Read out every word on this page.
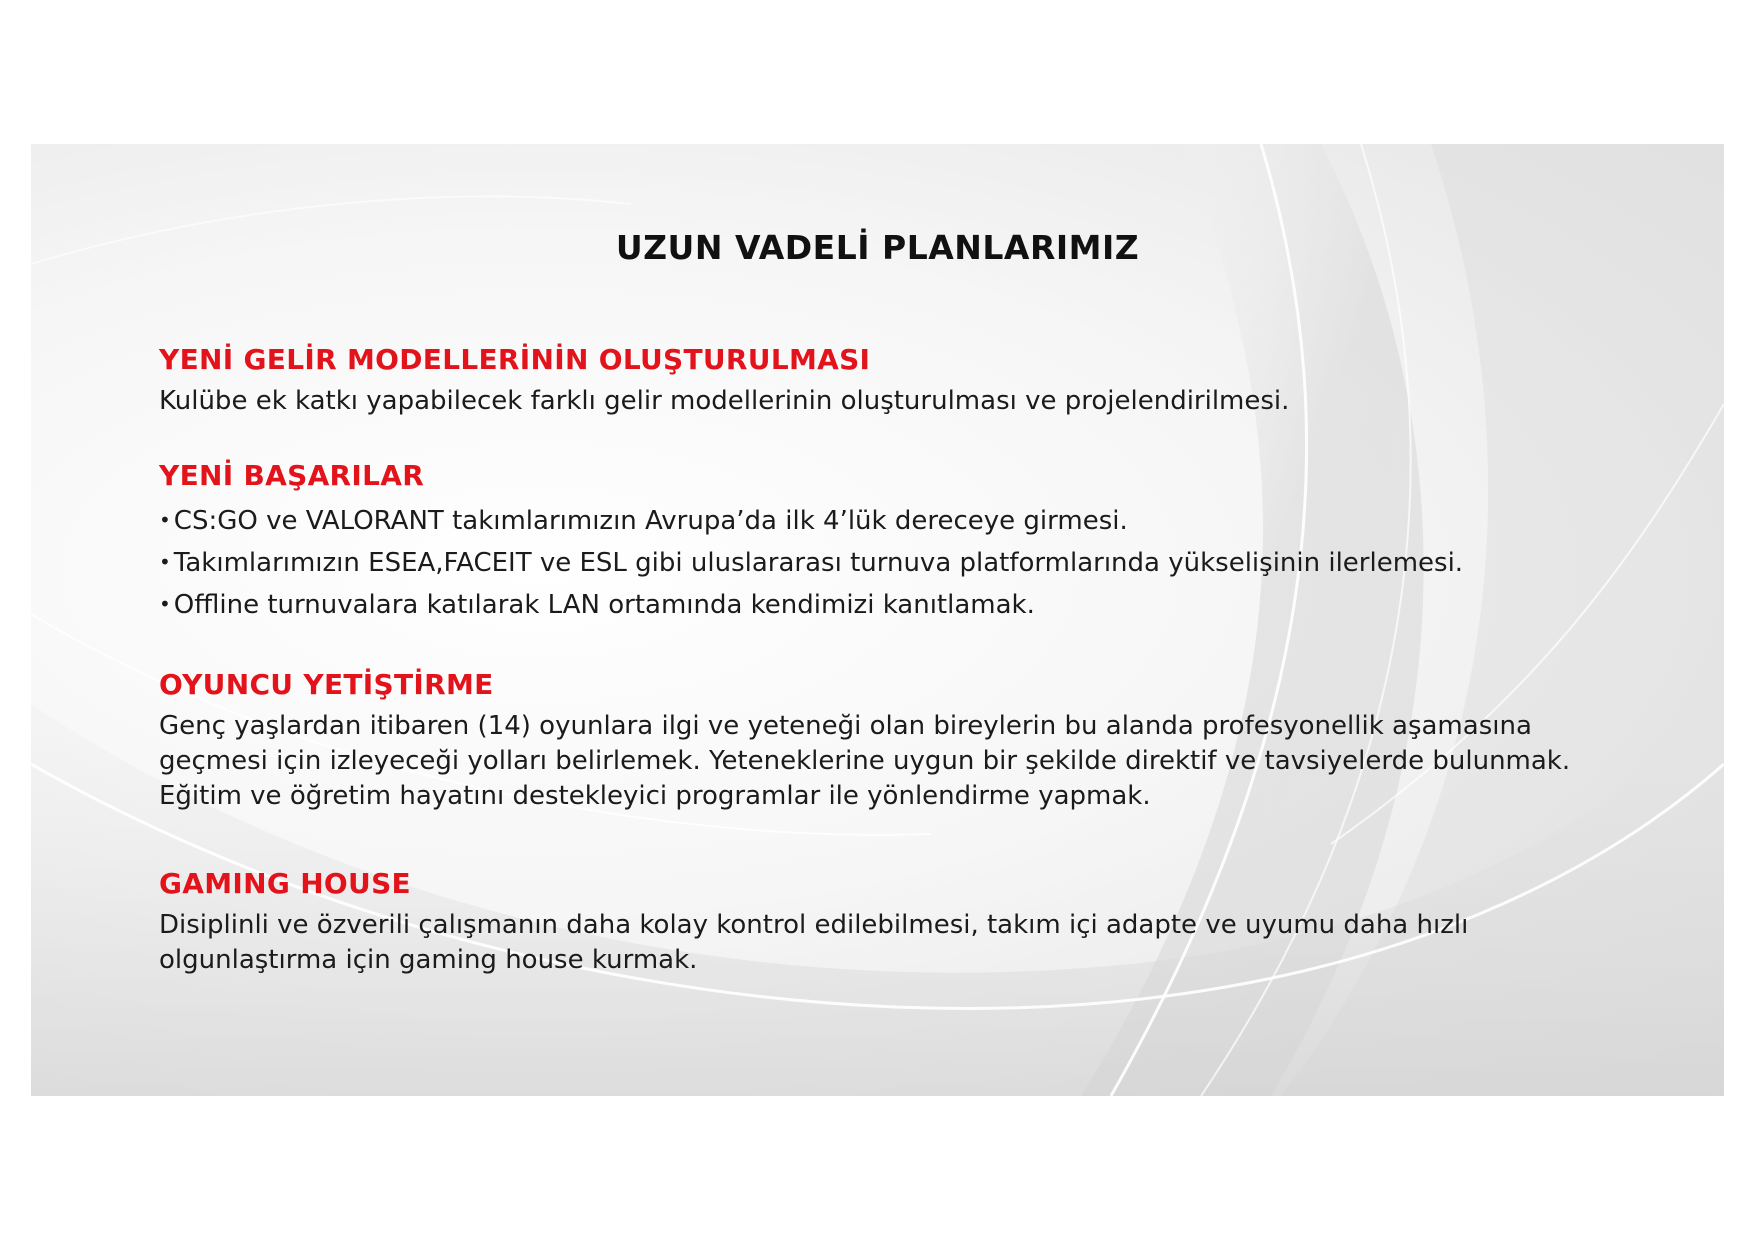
UZUN VADELİ PLANLARIMIZ
YENİ GELİR MODELLERİNİN OLUŞTURULMASI

Kulübe ek katkı yapabilecek farklı gelir modellerinin oluşturulması ve projelendirilmesi.

YENİ BAŞARILAR

• CS:GO ve VALORANT takımlarımızın Avrupa’da ilk 4’lük dereceye girmesi.

• Takımlarımızın ESEA,FACEIT ve ESL gibi uluslararası turnuva platformlarında yükselişinin ilerlemesi.

• Offline turnuvalara katılarak LAN ortamında kendimizi kanıtlamak.

OYUNCU YETİŞTİRME

Genç yaşlardan itibaren (14) oyunlara ilgi ve yeteneği olan bireylerin bu alanda profesyonellik aşamasına

geçmesi için izleyeceği yolları belirlemek. Yeteneklerine uygun bir şekilde direktif ve tavsiyelerde bulunmak.

Eğitim ve öğretim hayatını destekleyici programlar ile yönlendirme yapmak.

GAMING HOUSE

Disiplinli ve özverili çalışmanın daha kolay kontrol edilebilmesi, takım içi adapte ve uyumu daha hızlı

olgunlaştırma için gaming house kurmak.
